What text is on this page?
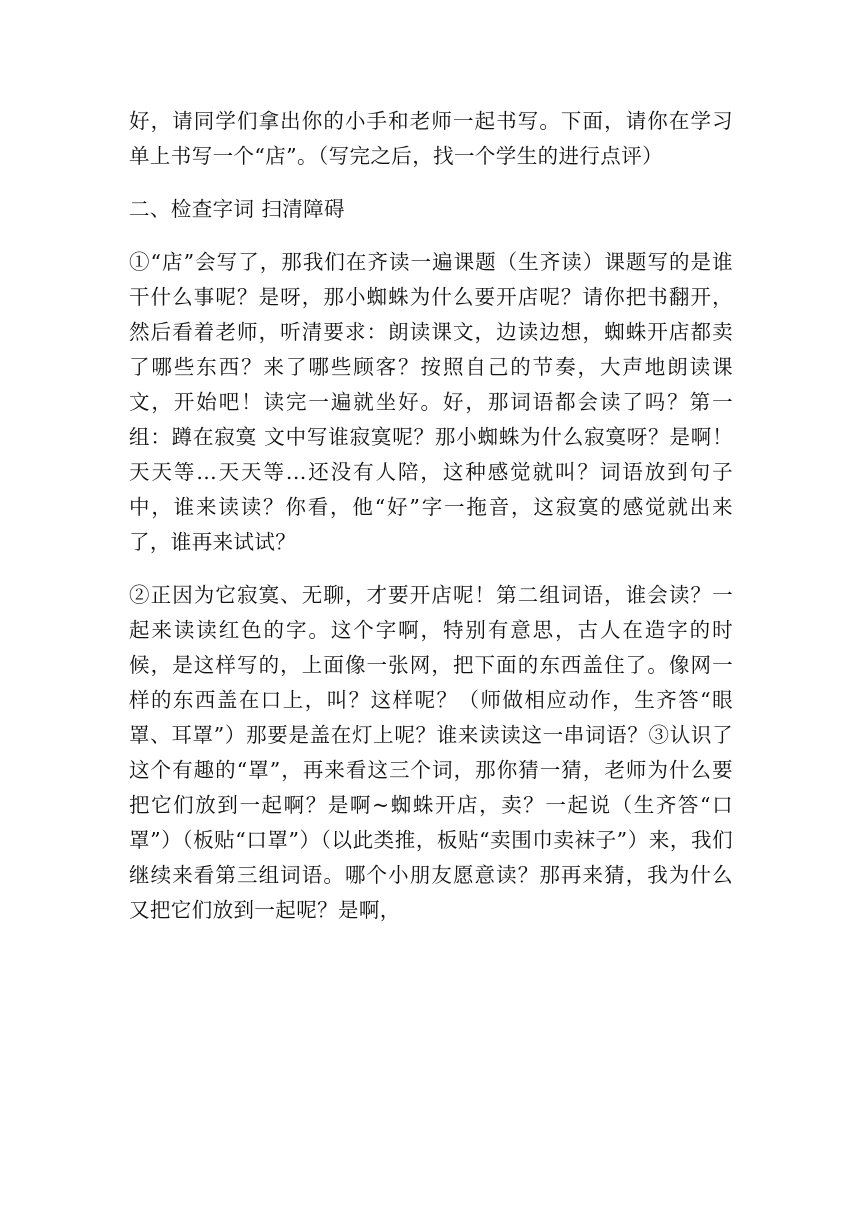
好，请同学们拿出你的小手和老师一起书写。下面，请你在学习单上书写一个“店”。（写完之后，找一个学生的进行点评）

二、检查字词 扫清障碍

①“店”会写了，那我们在齐读一遍课题（生齐读）课题写的是谁干什么事呢？是呀，那小蜘蛛为什么要开店呢？请你把书翻开，然后看着老师，听清要求：朗读课文，边读边想，蜘蛛开店都卖了哪些东西？来了哪些顾客？按照自己的节奏，大声地朗读课文，开始吧！读完一遍就坐好。好，那词语都会读了吗？第一组：蹲在寂寞 文中写谁寂寞呢？那小蜘蛛为什么寂寞呀？是啊！天天等...天天等...还没有人陪，这种感觉就叫？词语放到句子中，谁来读读？你看，他“好”字一拖音，这寂寞的感觉就出来了，谁再来试试？

②正因为它寂寞、无聊，才要开店呢！第二组词语，谁会读？一起来读读红色的字。这个字啊，特别有意思，古人在造字的时候，是这样写的，上面像一张网，把下面的东西盖住了。像网一样的东西盖在口上，叫？这样呢？（师做相应动作，生齐答“眼罩、耳罩”）那要是盖在灯上呢？谁来读读这一串词语？③认识了这个有趣的“罩”，再来看这三个词，那你猜一猜，老师为什么要把它们放到一起啊？是啊~蜘蛛开店，卖？一起说（生齐答“口罩”）（板贴“口罩”）（以此类推，板贴“卖围巾卖袜子”）来，我们继续来看第三组词语。哪个小朋友愿意读？那再来猜，我为什么又把它们放到一起呢？是啊，
